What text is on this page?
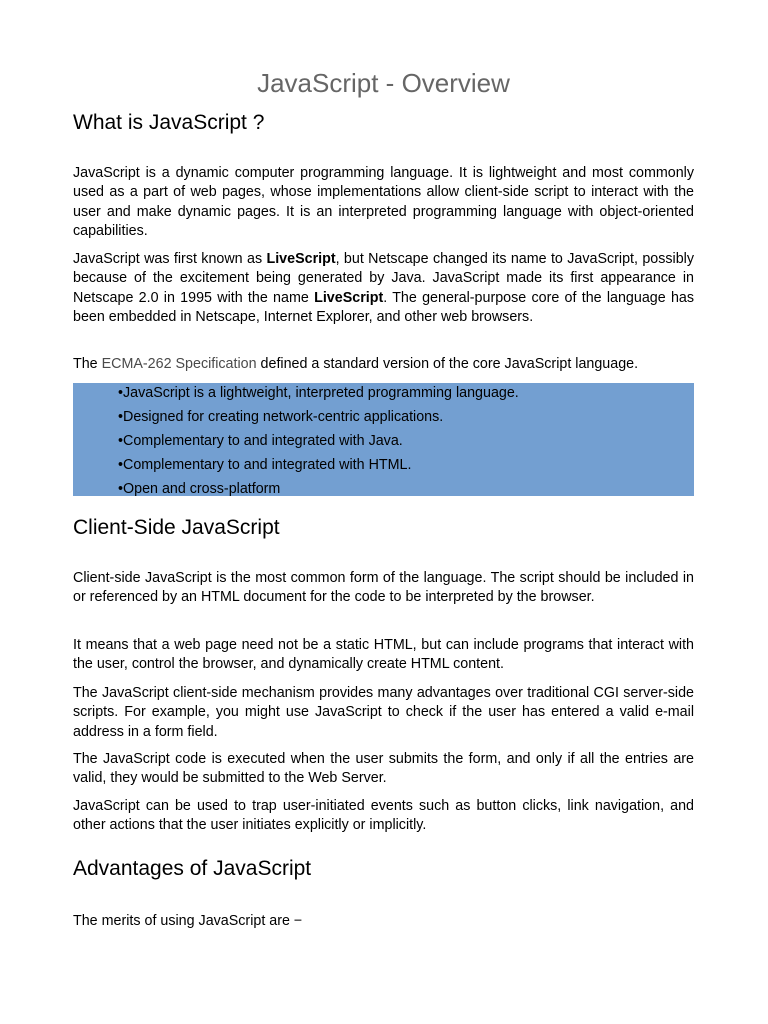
JavaScript - Overview
What is JavaScript ?

JavaScript is a dynamic computer programming language. It is lightweight and most commonly used as a part of web pages, whose implementations allow client-side script to interact with the user and make dynamic pages. It is an interpreted programming language with object-oriented capabilities.

JavaScript was first known as LiveScript, but Netscape changed its name to JavaScript, possibly because of the excitement being generated by Java. JavaScript made its first appearance in Netscape 2.0 in 1995 with the name LiveScript. The general-purpose core of the language has been embedded in Netscape, Internet Explorer, and other web browsers.

The ECMA-262 Specification defined a standard version of the core JavaScript language.

•JavaScript is a lightweight, interpreted programming language.
•Designed for creating network-centric applications.
•Complementary to and integrated with Java.
•Complementary to and integrated with HTML.
•Open and cross-platform
Client-Side JavaScript

Client-side JavaScript is the most common form of the language. The script should be included in or referenced by an HTML document for the code to be interpreted by the browser.

It means that a web page need not be a static HTML, but can include programs that interact with the user, control the browser, and dynamically create HTML content.

The JavaScript client-side mechanism provides many advantages over traditional CGI server-side scripts. For example, you might use JavaScript to check if the user has entered a valid e-mail address in a form field.

The JavaScript code is executed when the user submits the form, and only if all the entries are valid, they would be submitted to the Web Server.

JavaScript can be used to trap user-initiated events such as button clicks, link navigation, and other actions that the user initiates explicitly or implicitly.

Advantages of JavaScript

The merits of using JavaScript are −
